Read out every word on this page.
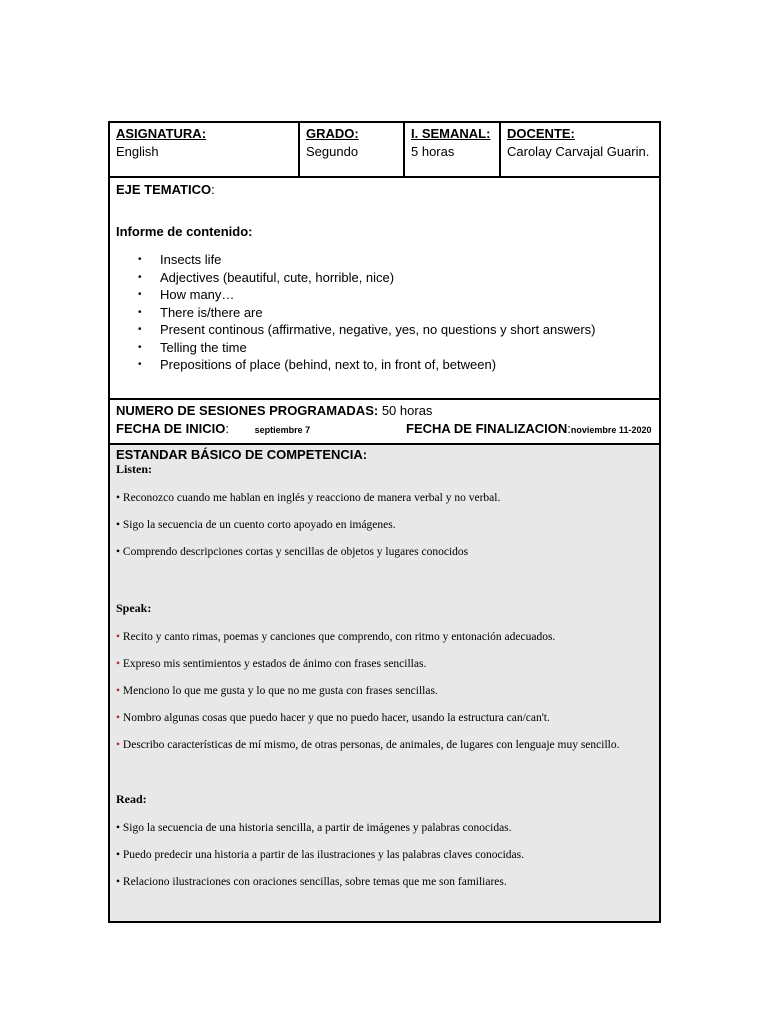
ASIGNATURA:
English
GRADO:
Segundo
I. SEMANAL:
5 horas
DOCENTE:
Carolay Carvajal Guarin.
EJE TEMATICO:
Informe de contenido:
• Insects life
• Adjectives (beautiful, cute, horrible, nice)
• How many…
• There is/there are
• Present continous (affirmative, negative, yes, no questions y short answers)
• Telling the time
• Prepositions of place (behind, next to, in front of, between)
NUMERO DE SESIONES PROGRAMADAS: 50 horas
FECHA DE INICIO:	septiembre 7	FECHA DE FINALIZACION:noviembre 11-2020
ESTANDAR BÁSICO DE COMPETENCIA:
Listen:
• Reconozco cuando me hablan en inglés y reacciono de manera verbal y no verbal.
• Sigo la secuencia de un cuento corto apoyado en imágenes.
• Comprendo descripciones cortas y sencillas de objetos y lugares conocidos
Speak:
• Recito y canto rimas, poemas y canciones que comprendo, con ritmo y entonación adecuados.
• Expreso mis sentimientos y estados de ánimo con frases sencillas.
• Menciono lo que me gusta y lo que no me gusta con frases sencillas.
• Nombro algunas cosas que puedo hacer y que no puedo hacer, usando la estructura can/can't.
• Describo características de mí mismo, de otras personas, de animales, de lugares con lenguaje muy sencillo.
Read:
• Sigo la secuencia de una historia sencilla, a partir de imágenes y palabras conocidas.
• Puedo predecir una historia a partir de las ilustraciones y las palabras claves conocidas.
• Relaciono ilustraciones con oraciones sencillas, sobre temas que me son familiares.
